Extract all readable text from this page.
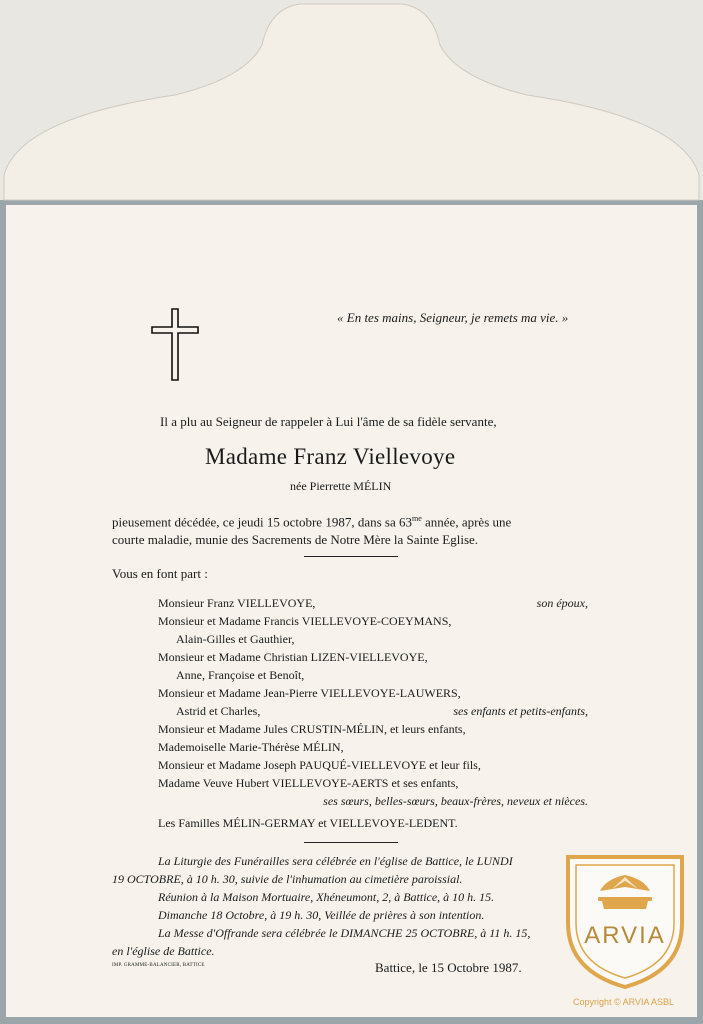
« En tes mains, Seigneur, je remets ma vie. »
Il a plu au Seigneur de rappeler à Lui l'âme de sa fidèle servante,
Madame Franz Viellevoye
née Pierrette MÉLIN
pieusement décédée, ce jeudi 15 octobre 1987, dans sa $63^{me}$ année, après une
courte maladie, munie des Sacrements de Notre Mère la Sainte Eglise.
Vous en font part :
Monsieur Franz VIELLEVOYE,	son époux,
Monsieur et Madame Francis VIELLEVOYE-COEYMANS,
Alain-Gilles et Gauthier,
Monsieur et Madame Christian LIZEN-VIELLEVOYE,
Anne, Françoise et Benoît,
Monsieur et Madame Jean-Pierre VIELLEVOYE-LAUWERS,
Astrid et Charles,	ses enfants et petits-enfants,
Monsieur et Madame Jules CRUSTIN-MÉLIN, et leurs enfants,
Mademoiselle Marie-Thérèse MÉLIN,
Monsieur et Madame Joseph PAUQUÉ-VIELLEVOYE et leur fils,
Madame Veuve Hubert VIELLEVOYE-AERTS et ses enfants,
ses sœurs, belles-sœurs, beaux-frères, neveux et nièces.
Les Familles MÉLIN-GERMAY et VIELLEVOYE-LEDENT.
La Liturgie des Funérailles sera célébrée en l'église de Battice, le LUNDI
19 OCTOBRE, à 10 h. 30, suivie de l'inhumation au cimetière paroissial.
Réunion à la Maison Mortuaire, Xhéneumont, 2, à Battice, à 10 h. 15.
Dimanche 18 Octobre, à 19 h. 30, Veillée de prières à son intention.
La Messe d'Offrande sera célébrée le DIMANCHE 25 OCTOBRE, à 11 h. 15,
en l'église de Battice.
IMP. GRAMME-BALANCIER, BATTICE	Battice, le 15 Octobre 1987.
ARVIA
Copyright © ARVIA ASBL
